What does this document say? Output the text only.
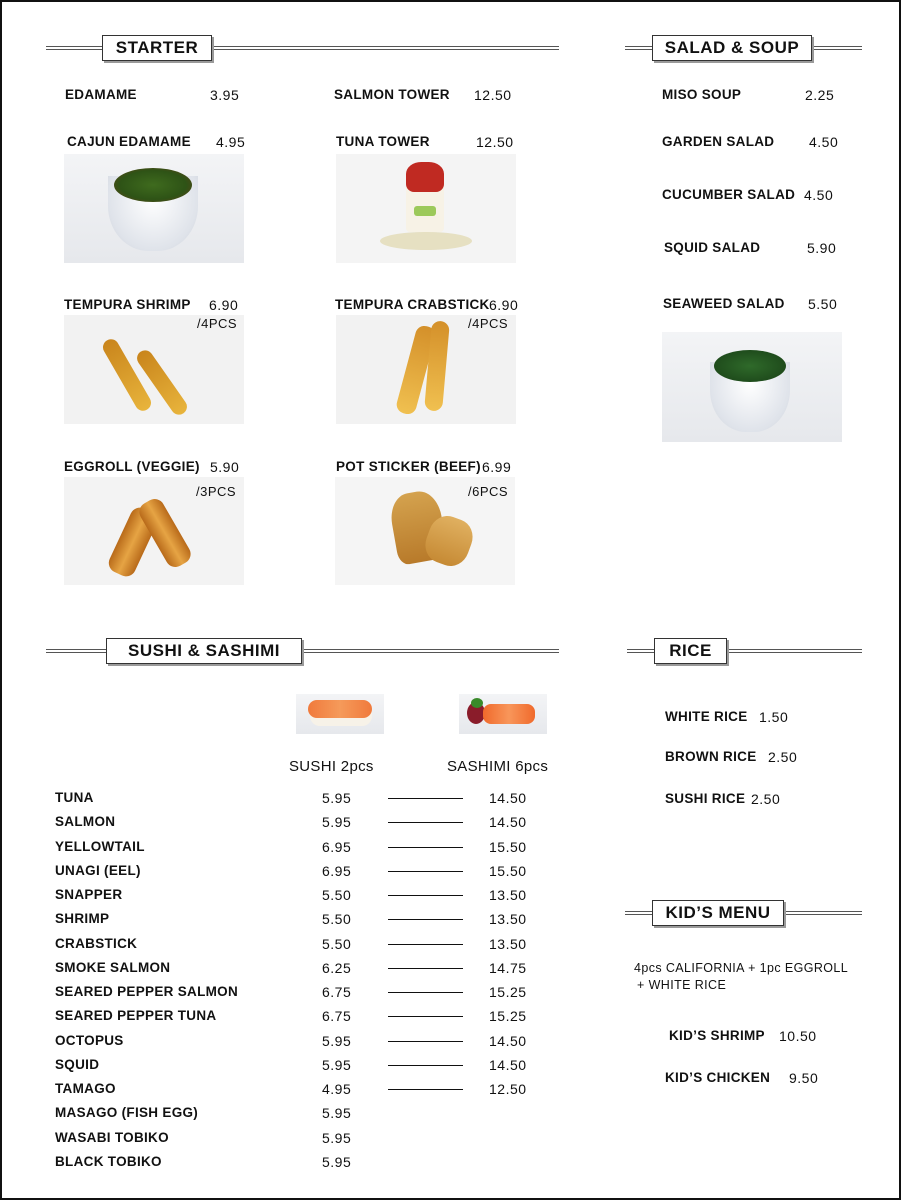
STARTER	SALAD & SOUP
EDAMAME	3.95	SALMON TOWER 12.50
CAJUN EDAMAME 4.95	TUNA TOWER	12.50
TEMPURA SHRIMP 6.90	TEMPURA CRABSTICK 6.90
/4PCS	/4PCS
EGGROLL (VEGGIE) 5.90	POT STICKER (BEEF) 6.99
/3PCS	/6PCS
MISO SOUP	2.25
GARDEN SALAD 4.50
CUCUMBER SALAD 4.50
SQUID SALAD	5.90
SEAWEED SALAD 5.50
SUSHI & SASHIMI	RICE
SUSHI 2pcs	SASHIMI 6pcs
TUNA	5.95	14.50
SALMON	5.95	14.50
YELLOWTAIL	6.95	15.50
UNAGI (EEL)	6.95	15.50
SNAPPER	5.50	13.50
SHRIMP	5.50	13.50
CRABSTICK	5.50	13.50
SMOKE SALMON	6.25	14.75
SEARED PEPPER SALMON	6.75	15.25
SEARED PEPPER TUNA	6.75	15.25
OCTOPUS	5.95	14.50
SQUID	5.95	14.50
TAMAGO	4.95	12.50
MASAGO (FISH EGG)	5.95
WASABI TOBIKO	5.95
BLACK TOBIKO	5.95
WHITE RICE 1.50
BROWN RICE 2.50
SUSHI RICE 2.50
KID’S MENU
4pcs CALIFORNIA + 1pc EGGROLL
+ WHITE RICE
KID’S SHRIMP 10.50
KID’S CHICKEN 9.50
